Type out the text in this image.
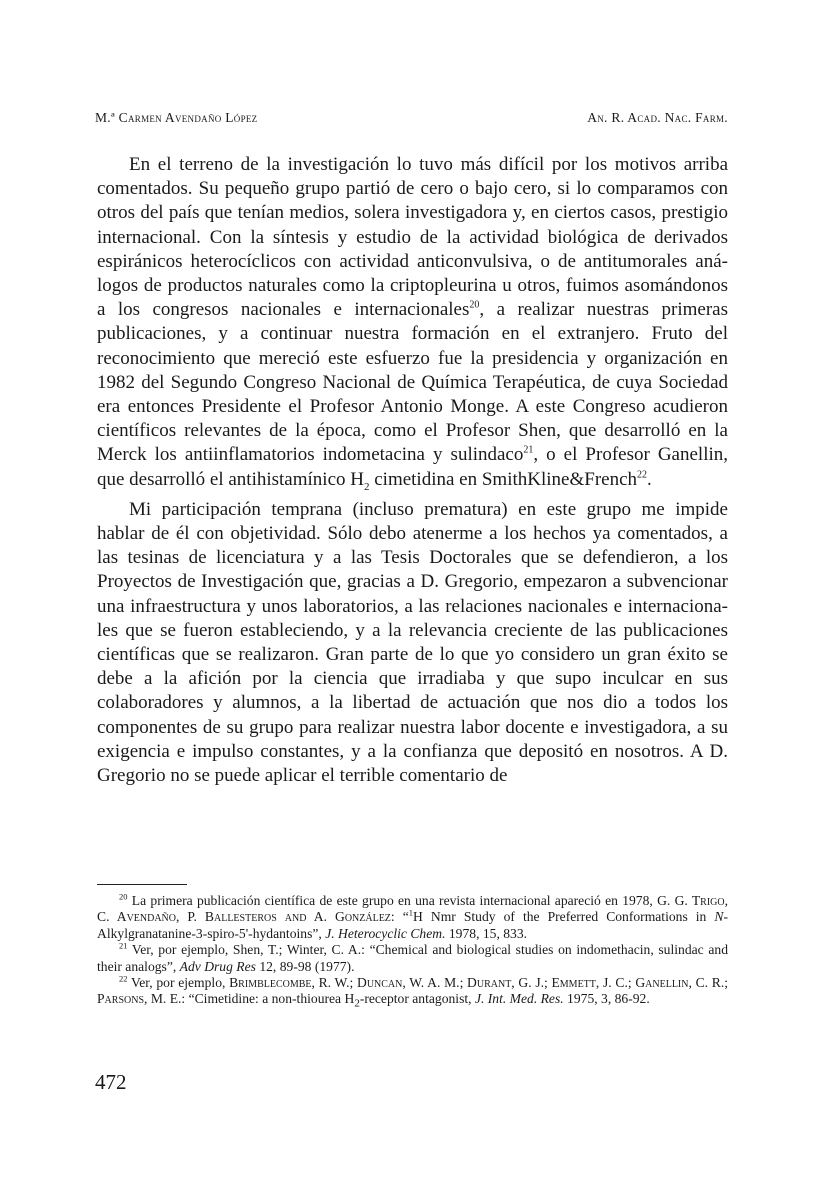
M.ª Carmen Avendaño López	An. R. Acad. Nac. Farm.

En el terreno de la investigación lo tuvo más difícil por los motivos arriba comentados. Su pequeño grupo partió de cero o bajo cero, si lo comparamos con otros del país que tenían medios, solera investigadora y, en ciertos casos, prestigio internacional. Con la síntesis y estudio de la actividad biológica de derivados espiránicos heterocíclicos con actividad anticonvulsiva, o de antitumorales análogos de productos naturales como la criptopleurina u otros, fuimos asomándonos a los congresos nacionales e internacionales$^{20}$, a realizar nuestras primeras publicaciones, y a continuar nuestra formación en el extranjero. Fruto del reconocimiento que mereció este esfuerzo fue la presidencia y organización en 1982 del Segundo Congreso Nacional de Química Terapéutica, de cuya Sociedad era entonces Presidente el Profesor Antonio Monge. A este Congreso acudieron científicos relevantes de la época, como el Profesor Shen, que desarrolló en la Merck los antiinflamatorios indometacina y sulindaco$^{21}$, o el Profesor Ganellin, que desarrolló el antihistamínico $H_2$ cimetidina en SmithKline&French$^{22}$.

Mi participación temprana (incluso prematura) en este grupo me impide hablar de él con objetividad. Sólo debo atenerme a los hechos ya comentados, a las tesinas de licenciatura y a las Tesis Doctorales que se defendieron, a los Proyectos de Investigación que, gracias a D. Gregorio, empezaron a subvencionar una infraestructura y unos laboratorios, a las relaciones nacionales e internacionales que se fueron estableciendo, y a la relevancia creciente de las publicaciones científicas que se realizaron. Gran parte de lo que yo considero un gran éxito se debe a la afición por la ciencia que irradiaba y que supo inculcar en sus colaboradores y alumnos, a la libertad de actuación que nos dio a todos los componentes de su grupo para realizar nuestra labor docente e investigadora, a su exigencia e impulso constantes, y a la confianza que depositó en nosotros. A D. Gregorio no se puede aplicar el terrible comentario de

$^{20}$ La primera publicación científica de este grupo en una revista internacional apareció en 1978, G. G. Trigo, C. Avendaño, P. Ballesteros and A. González: “$^1$H Nmr Study of the Preferred Conformations in N-Alkylgranatanine-3-spiro-5'-hydantoins”, J. Heterocyclic Chem. 1978, 15, 833.

$^{21}$ Ver, por ejemplo, Shen, T.; Winter, C. A.: “Chemical and biological studies on indomethacin, sulindac and their analogs”, Adv Drug Res 12, 89-98 (1977).

$^{22}$ Ver, por ejemplo, Brimblecombe, R. W.; Duncan, W. A. M.; Durant, G. J.; Emmett, J. C.; Ganellin, C. R.; Parsons, M. E.: “Cimetidine: a non-thiourea $H_2$-receptor antagonist, J. Int. Med. Res. 1975, 3, 86-92.

472
